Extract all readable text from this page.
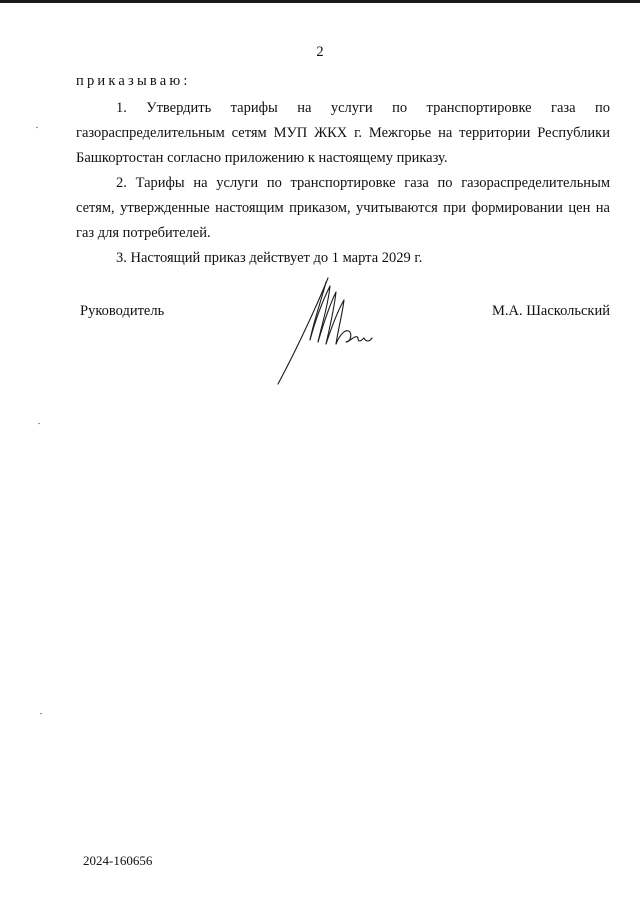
2

приказываю:

1. Утвердить тарифы на услуги по транспортировке газа по газораспределительным сетям МУП ЖКХ г. Межгорье на территории Республики Башкортостан согласно приложению к настоящему приказу.

2. Тарифы на услуги по транспортировке газа по газораспределительным сетям, утвержденные настоящим приказом, учитываются при формировании цен на газ для потребителей.

3. Настоящий приказ действует до 1 марта 2029 г.

Руководитель	М.А. Шаскольский
2024-160656
